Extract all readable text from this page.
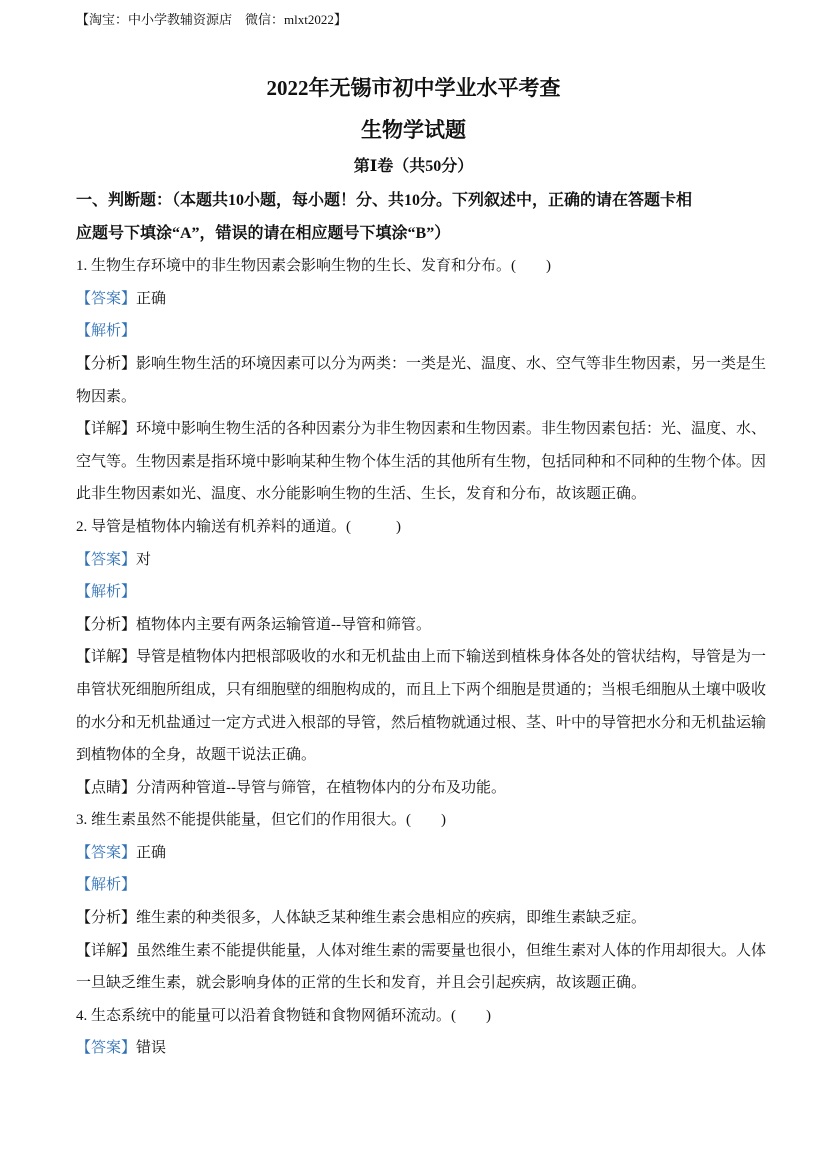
【淘宝：中小学教辅资源店　微信：mlxt2022】
2022年无锡市初中学业水平考查
生物学试题
第Ⅰ卷（共50分）
一、判断题：（本题共10小题，每小题！分、共10分。下列叙述中，正确的请在答题卡相
应题号下填涂“A”，错误的请在相应题号下填涂“B”）
1. 生物生存环境中的非生物因素会影响生物的生长、发育和分布。(　　)
【答案】正确
【解析】
【分析】影响生物生活的环境因素可以分为两类：一类是光、温度、水、空气等非生物因素，另一类是生
物因素。
【详解】环境中影响生物生活的各种因素分为非生物因素和生物因素。非生物因素包括：光、温度、水、
空气等。生物因素是指环境中影响某种生物个体生活的其他所有生物，包括同种和不同种的生物个体。因
此非生物因素如光、温度、水分能影响生物的生活、生长，发育和分布，故该题正确。
2. 导管是植物体内输送有机养料的通道。(　　　)
【答案】对
【解析】
【分析】植物体内主要有两条运输管道--导管和筛管。
【详解】导管是植物体内把根部吸收的水和无机盐由上而下输送到植株身体各处的管状结构，导管是为一
串管状死细胞所组成，只有细胞壁的细胞构成的，而且上下两个细胞是贯通的；当根毛细胞从土壤中吸收
的水分和无机盐通过一定方式进入根部的导管，然后植物就通过根、茎、叶中的导管把水分和无机盐运输
到植物体的全身，故题干说法正确。
【点睛】分清两种管道--导管与筛管，在植物体内的分布及功能。
3. 维生素虽然不能提供能量，但它们的作用很大。(　　)
【答案】正确
【解析】
【分析】维生素的种类很多，人体缺乏某种维生素会患相应的疾病，即维生素缺乏症。
【详解】虽然维生素不能提供能量，人体对维生素的需要量也很小，但维生素对人体的作用却很大。人体
一旦缺乏维生素，就会影响身体的正常的生长和发育，并且会引起疾病，故该题正确。
4. 生态系统中的能量可以沿着食物链和食物网循环流动。(　　)
【答案】错误
